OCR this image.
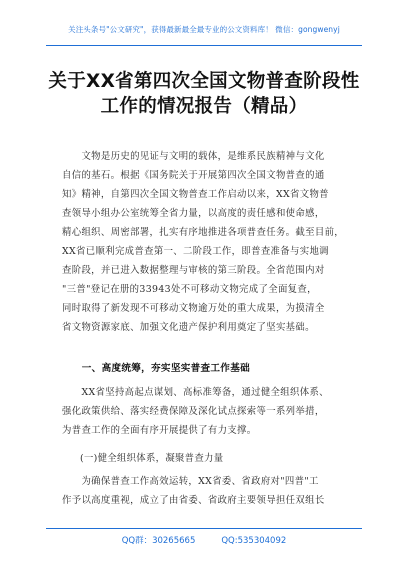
关注头条号"公文研究"，获得最新最全最专业的公文资料库！ 微信：gongwenyj
关于XX省第四次全国文物普查阶段性
工作的情况报告（精品）
　　文物是历史的见证与文明的载体，是维系民族精神与文化
自信的基石。根据《国务院关于开展第四次全国文物普查的通
知》精神，自第四次全国文物普查工作启动以来，XX省文物普
查领导小组办公室统筹全省力量，以高度的责任感和使命感，
精心组织、周密部署，扎实有序地推进各项普查任务。截至目前，
XX省已顺利完成普查第一、二阶段工作，即普查准备与实地调
查阶段，并已进入数据整理与审核的第三阶段。全省范围内对
"三普"登记在册的33943处不可移动文物完成了全面复查，
同时取得了新发现不可移动文物逾万处的重大成果，为摸清全
省文物资源家底、加强文化遗产保护利用奠定了坚实基础。
　　一、高度统筹，夯实坚实普查工作基础
　　XX省坚持高起点谋划、高标准筹备，通过健全组织体系、
强化政策供给、落实经费保障及深化试点探索等一系列举措，
为普查工作的全面有序开展提供了有力支撑。
(一)健全组织体系，凝聚普查力量
　　为确保普查工作高效运转，XX省委、省政府对"四普"工
作予以高度重视，成立了由省委、省政府主要领导担任双组长
QQ群：30265665	QQ:535304092
